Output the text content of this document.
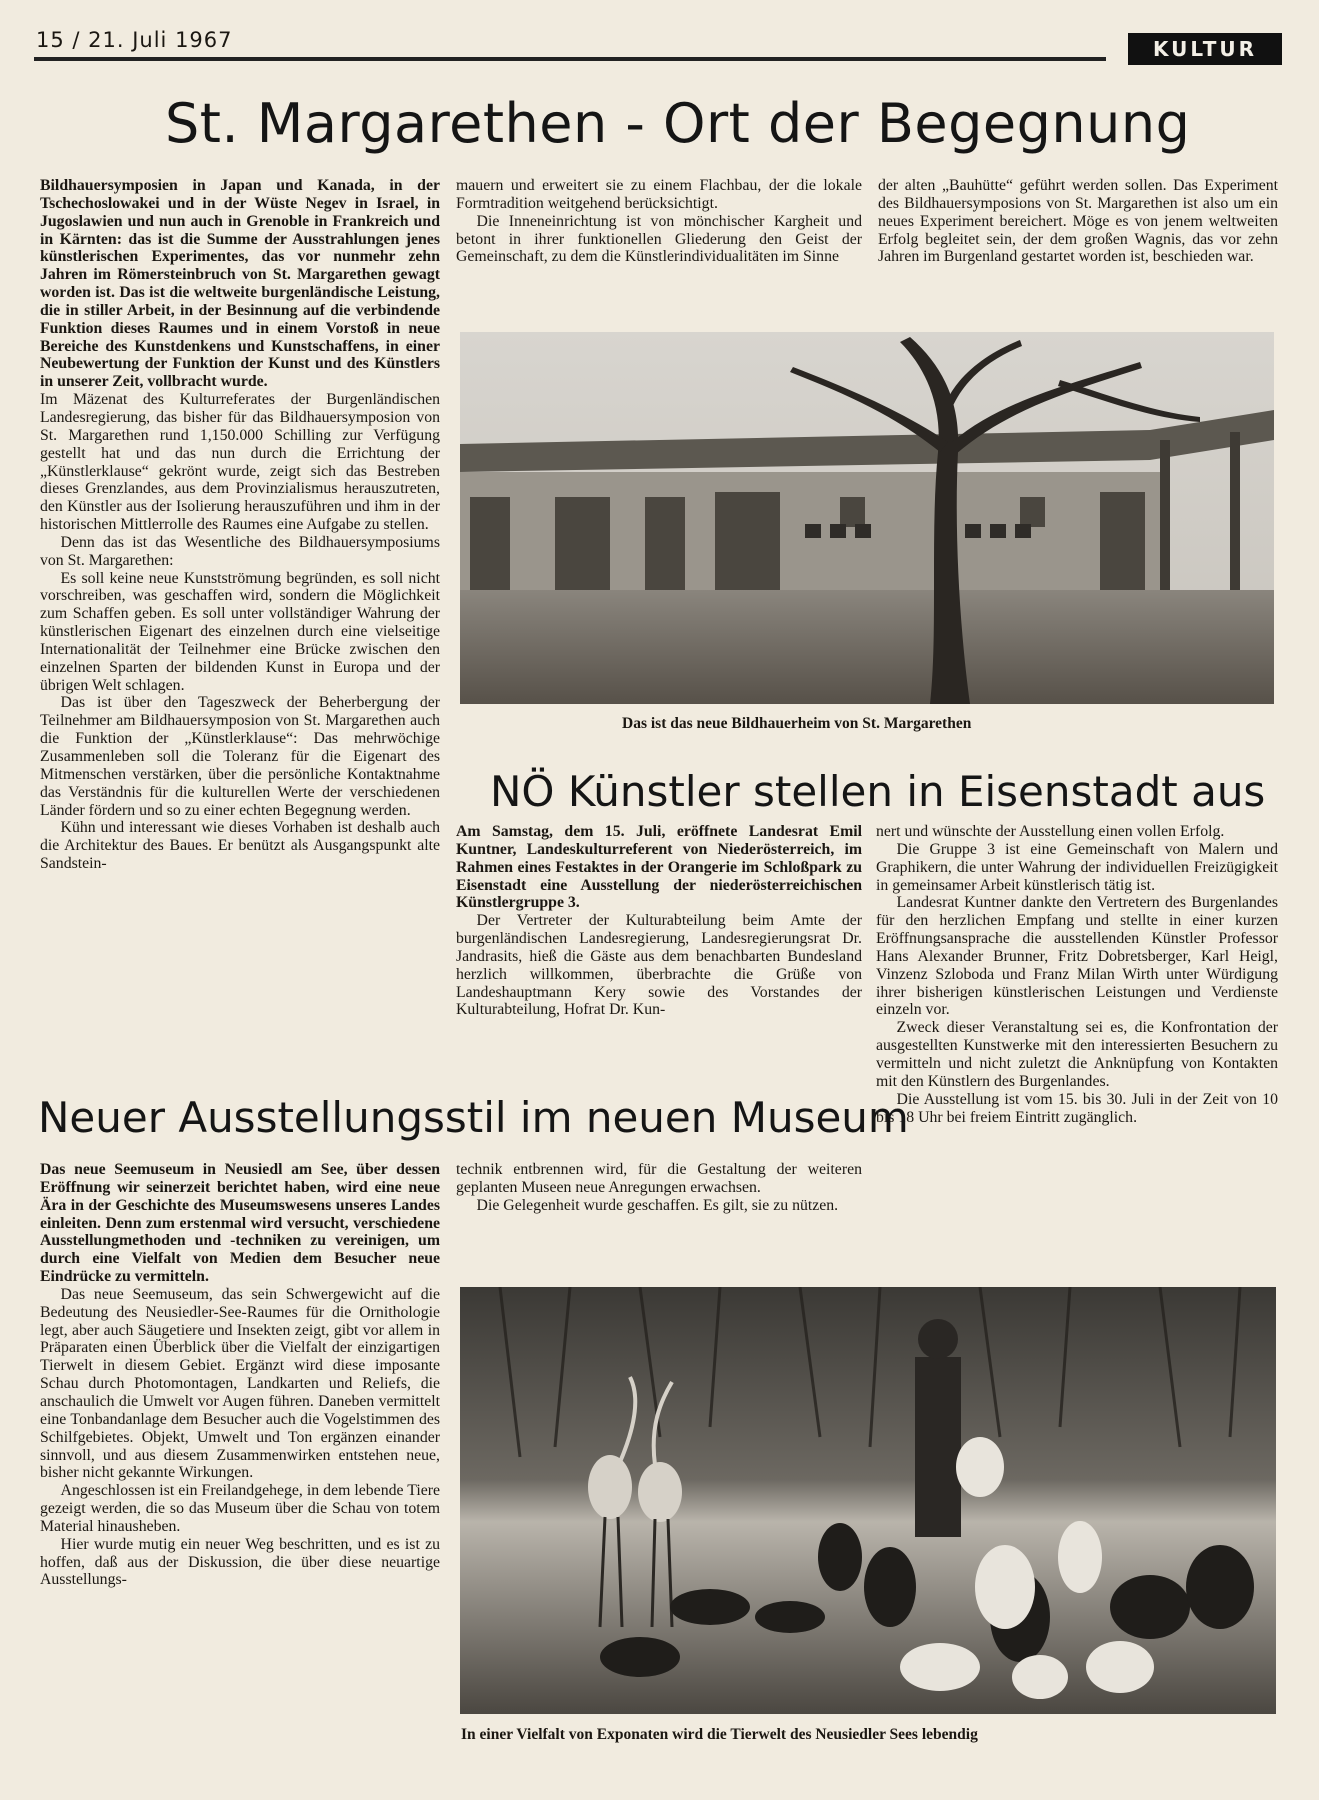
15 / 21. Juli 1967	KULTUR
St. Margarethen - Ort der Begegnung

Bildhauersymposien in Japan und Kanada, in der Tschechoslowakei und in der Wüste Negev in Israel, in Jugoslawien und nun auch in Grenoble in Frankreich und in Kärnten: das ist die Summe der Ausstrahlungen jenes künstlerischen Experimentes, das vor nunmehr zehn Jahren im Römersteinbruch von St. Margarethen gewagt worden ist. Das ist die weltweite burgenländische Leistung, die in stiller Arbeit, in der Besinnung auf die verbindende Funktion dieses Raumes und in einem Vorstoß in neue Bereiche des Kunstdenkens und Kunstschaffens, in einer Neubewertung der Funktion der Kunst und des Künstlers in unserer Zeit, vollbracht wurde.

Im Mäzenat des Kulturreferates der Burgenländischen Landesregierung, das bisher für das Bildhauersymposion von St. Margarethen rund 1,150.000 Schilling zur Verfügung gestellt hat und das nun durch die Errichtung der „Künstlerklause“ gekrönt wurde, zeigt sich das Bestreben dieses Grenzlandes, aus dem Provinzialismus herauszutreten, den Künstler aus der Isolierung herauszuführen und ihm in der historischen Mittlerrolle des Raumes eine Aufgabe zu stellen.

Denn das ist das Wesentliche des Bildhauersymposiums von St. Margarethen:

Es soll keine neue Kunstströmung begründen, es soll nicht vorschreiben, was geschaffen wird, sondern die Möglichkeit zum Schaffen geben. Es soll unter vollständiger Wahrung der künstlerischen Eigenart des einzelnen durch eine vielseitige Internationalität der Teilnehmer eine Brücke zwischen den einzelnen Sparten der bildenden Kunst in Europa und der übrigen Welt schlagen.

Das ist über den Tageszweck der Beherbergung der Teilnehmer am Bildhauersymposion von St. Margarethen auch die Funktion der „Künstlerklause“: Das mehrwöchige Zusammenleben soll die Toleranz für die Eigenart des Mitmenschen verstärken, über die persönliche Kontaktnahme das Verständnis für die kulturellen Werte der verschiedenen Länder fördern und so zu einer echten Begegnung werden.

Kühn und interessant wie dieses Vorhaben ist deshalb auch die Architektur des Baues. Er benützt als Ausgangspunkt alte Sandstein-

mauern und erweitert sie zu einem Flachbau, der die lokale Formtradition weitgehend berücksichtigt.

Die Inneneinrichtung ist von mönchischer Kargheit und betont in ihrer funktionellen Gliederung den Geist der Gemeinschaft, zu dem die Künstlerindividualitäten im Sinne

der alten „Bauhütte“ geführt werden sollen. Das Experiment des Bildhauersymposions von St. Margarethen ist also um ein neues Experiment bereichert. Möge es von jenem weltweiten Erfolg begleitet sein, der dem großen Wagnis, das vor zehn Jahren im Burgenland gestartet worden ist, beschieden war.

Das ist das neue Bildhauerheim von St. Margarethen
NÖ Künstler stellen in Eisenstadt aus

Am Samstag, dem 15. Juli, eröffnete Landesrat Emil Kuntner, Landeskulturreferent von Niederösterreich, im Rahmen eines Festaktes in der Orangerie im Schloßpark zu Eisenstadt eine Ausstellung der niederösterreichischen Künstlergruppe 3.

Der Vertreter der Kulturabteilung beim Amte der burgenländischen Landesregierung, Landesregierungsrat Dr. Jandrasits, hieß die Gäste aus dem benachbarten Bundesland herzlich willkommen, überbrachte die Grüße von Landeshauptmann Kery sowie des Vorstandes der Kulturabteilung, Hofrat Dr. Kun-

nert und wünschte der Ausstellung einen vollen Erfolg.

Die Gruppe 3 ist eine Gemeinschaft von Malern und Graphikern, die unter Wahrung der individuellen Freizügigkeit in gemeinsamer Arbeit künstlerisch tätig ist.

Landesrat Kuntner dankte den Vertretern des Burgenlandes für den herzlichen Empfang und stellte in einer kurzen Eröffnungsansprache die ausstellenden Künstler Professor Hans Alexander Brunner, Fritz Dobretsberger, Karl Heigl, Vinzenz Szloboda und Franz Milan Wirth unter Würdigung ihrer bisherigen künstlerischen Leistungen und Verdienste einzeln vor.

Zweck dieser Veranstaltung sei es, die Konfrontation der ausgestellten Kunstwerke mit den interessierten Besuchern zu vermitteln und nicht zuletzt die Anknüpfung von Kontakten mit den Künstlern des Burgenlandes.

Die Ausstellung ist vom 15. bis 30. Juli in der Zeit von 10 bis 18 Uhr bei freiem Eintritt zugänglich.

Neuer Ausstellungsstil im neuen Museum

Das neue Seemuseum in Neusiedl am See, über dessen Eröffnung wir seinerzeit berichtet haben, wird eine neue Ära in der Geschichte des Museumswesens unseres Landes einleiten. Denn zum erstenmal wird versucht, verschiedene Ausstellungmethoden und -techniken zu vereinigen, um durch eine Vielfalt von Medien dem Besucher neue Eindrücke zu vermitteln.

Das neue Seemuseum, das sein Schwergewicht auf die Bedeutung des Neusiedler-See-Raumes für die Ornithologie legt, aber auch Säugetiere und Insekten zeigt, gibt vor allem in Präparaten einen Überblick über die Vielfalt der einzigartigen Tierwelt in diesem Gebiet. Ergänzt wird diese imposante Schau durch Photomontagen, Landkarten und Reliefs, die anschaulich die Umwelt vor Augen führen. Daneben vermittelt eine Tonbandanlage dem Besucher auch die Vogelstimmen des Schilfgebietes. Objekt, Umwelt und Ton ergänzen einander sinnvoll, und aus diesem Zusammenwirken entstehen neue, bisher nicht gekannte Wirkungen.

Angeschlossen ist ein Freilandgehege, in dem lebende Tiere gezeigt werden, die so das Museum über die Schau von totem Material hinausheben.

Hier wurde mutig ein neuer Weg beschritten, und es ist zu hoffen, daß aus der Diskussion, die über diese neuartige Ausstellungs-

technik entbrennen wird, für die Gestaltung der weiteren geplanten Museen neue Anregungen erwachsen.

Die Gelegenheit wurde geschaffen. Es gilt, sie zu nützen.

In einer Vielfalt von Exponaten wird die Tierwelt des Neusiedler Sees lebendig
